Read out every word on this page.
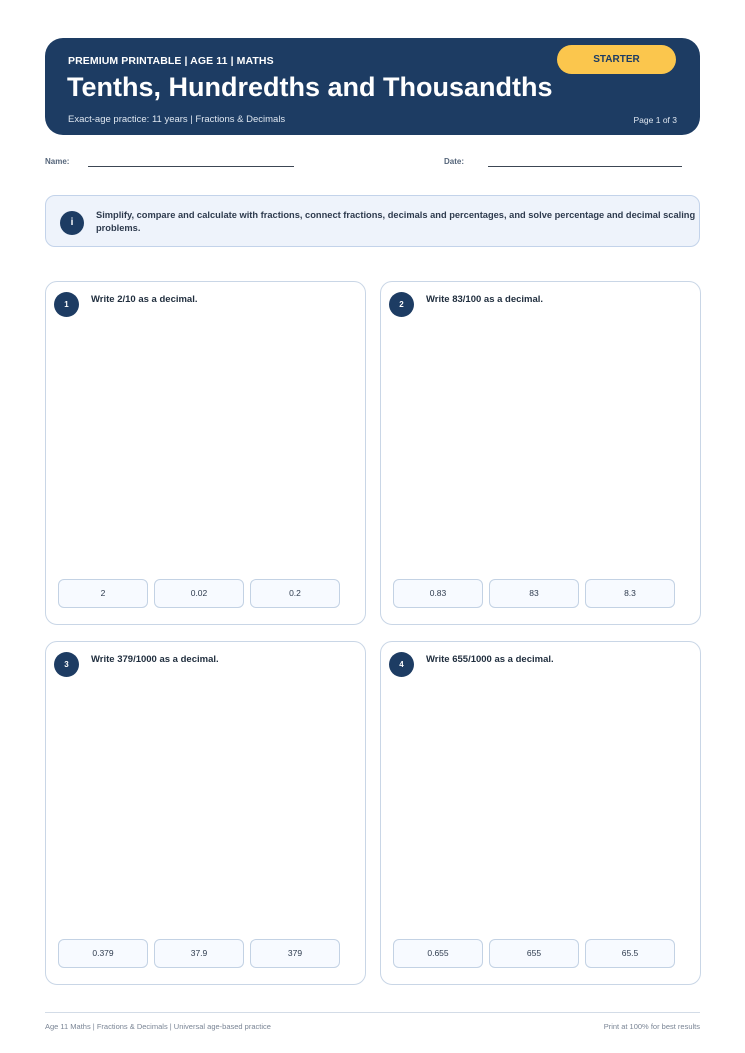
PREMIUM PRINTABLE | AGE 11 | MATHS
Tenths, Hundredths and Thousandths
Exact-age practice: 11 years | Fractions & Decimals	Page 1 of 3
STARTER
Name:	Date:
i
Simplify, compare and calculate with fractions, connect fractions, decimals and percentages, and solve percentage and decimal scaling problems.
1	Write 2/10 as a decimal.
2	0.02	0.2
2	Write 83/100 as a decimal.
0.83	83	8.3
3	Write 379/1000 as a decimal.
0.379	37.9	379
4	Write 655/1000 as a decimal.
0.655	655	65.5
Age 11 Maths | Fractions & Decimals | Universal age-based practice	Print at 100% for best results
